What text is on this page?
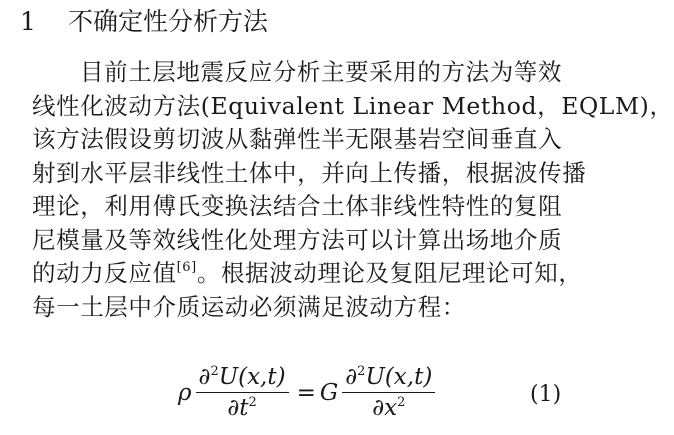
1 不确定性分析方法
目前土层地震反应分析主要采用的方法为等效
线性化波动方法(Equivalent Linear Method，EQLM)，
该方法假设剪切波从黏弹性半无限基岩空间垂直入
射到水平层非线性土体中，并向上传播，根据波传播
理论，利用傅氏变换法结合土体非线性特性的复阻
尼模量及等效线性化处理方法可以计算出场地介质
的动力反应值[6]。根据波动理论及复阻尼理论可知，
每一土层中介质运动必须满足波动方程：
ρ $\frac{\partial^2U(x,t)}{\partial t^2} = G \frac{\partial^2U(x,t)}{\partial x^2}$	(1)
